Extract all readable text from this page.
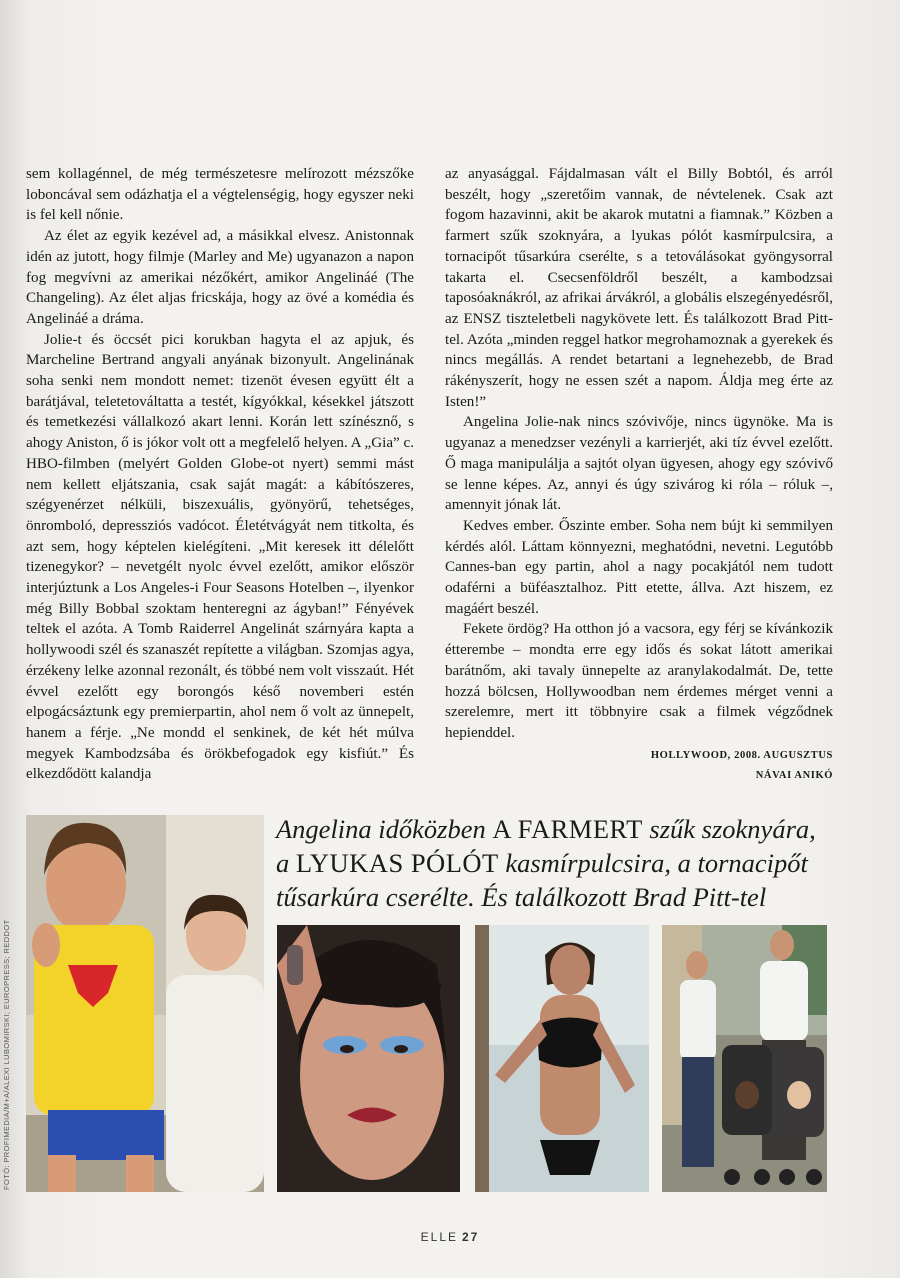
sem kollagénnel, de még természetesre melírozott mézszőke loboncával sem odázhatja el a végtelenségig, hogy egyszer neki is fel kell nőnie.

Az élet az egyik kezével ad, a másikkal elvesz. Anistonnak idén az jutott, hogy filmje (Marley and Me) ugyanazon a napon fog megvívni az amerikai nézőkért, amikor Angelináé (The Changeling). Az élet aljas fricskája, hogy az övé a komédia és Angelináé a dráma.

Jolie-t és öccsét pici korukban hagyta el az apjuk, és Marcheline Bertrand angyali anyának bizonyult. Angelinának soha senki nem mondott nemet: tizenöt évesen együtt élt a barátjával, teletetováltatta a testét, kígyókkal, késekkel játszott és temetkezési vállalkozó akart lenni. Korán lett színésznő, s ahogy Aniston, ő is jókor volt ott a megfelelő helyen. A „Gia” c. HBO-filmben (melyért Golden Globe-ot nyert) semmi mást nem kellett eljátszania, csak saját magát: a kábítószeres, szégyenérzet nélküli, biszexuális, gyönyörű, tehetséges, önromboló, depressziós vadócot. Életétvágyát nem titkolta, és azt sem, hogy képtelen kielégíteni. „Mit keresek itt délelőtt tizenegykor? – nevetgélt nyolc évvel ezelőtt, amikor először interjúztunk a Los Angeles-i Four Seasons Hotelben –, ilyenkor még Billy Bobbal szoktam henteregni az ágyban!” Fényévek teltek el azóta. A Tomb Raiderrel Angelinát szárnyára kapta a hollywoodi szél és szanaszét repítette a világban. Szomjas agya, érzékeny lelke azonnal rezonált, és többé nem volt visszaút. Hét évvel ezelőtt egy borongós késő novemberi estén elpogácsáztunk egy premierpartin, ahol nem ő volt az ünnepelt, hanem a férje. „Ne mondd el senkinek, de két hét múlva megyek Kambodzsába és örökbefogadok egy kisfiút.” És elkezdődött kalandja

az anyasággal. Fájdalmasan vált el Billy Bobtól, és arról beszélt, hogy „szeretőim vannak, de névtelenek. Csak azt fogom hazavinni, akit be akarok mutatni a fiamnak.” Közben a farmert szűk szoknyára, a lyukas pólót kasmírpulcsira, a tornacipőt tűsarkúra cserélte, s a tetoválásokat gyöngysorral takarta el. Csecsenföldről beszélt, a kambodzsai taposóaknákról, az afrikai árvákról, a globális elszegényedésről, az ENSZ tiszteletbeli nagykövete lett. És találkozott Brad Pitt-tel. Azóta „minden reggel hatkor megrohamoznak a gyerekek és nincs megállás. A rendet betartani a legnehezebb, de Brad rákényszerít, hogy ne essen szét a napom. Áldja meg érte az Isten!”

Angelina Jolie-nak nincs szóvivője, nincs ügynöke. Ma is ugyanaz a menedzser vezényli a karrierjét, aki tíz évvel ezelőtt. Ő maga manipulálja a sajtót olyan ügyesen, ahogy egy szóvivő se lenne képes. Az, annyi és úgy szivárog ki róla – róluk –, amennyit jónak lát.

Kedves ember. Őszinte ember. Soha nem bújt ki semmilyen kérdés alól. Láttam könnyezni, meghatódni, nevetni. Legutóbb Cannes-ban egy partin, ahol a nagy pocakjától nem tudott odaférni a büféasztalhoz. Pitt etette, állva. Azt hiszem, ez magáért beszél.

Fekete ördög? Ha otthon jó a vacsora, egy férj se kívánkozik étterembe – mondta erre egy idős és sokat látott amerikai barátnőm, aki tavaly ünnepelte az aranylakodalmát. De, tette hozzá bölcsen, Hollywoodban nem érdemes mérget venni a szerelemre, mert itt többnyire csak a filmek végződnek hepienddel.

HOLLYWOOD, 2008. AUGUSZTUS
NÁVAI ANIKÓ
Angelina időközben A FARMERT szűk szoknyára,
a LYUKAS PÓLÓT kasmírpulcsira, a tornacipőt
tűsarkúra cserélte. És találkozott Brad Pitt-tel
FOTÓ: PROFIMEDIA/M+A/ALEXI LUBOMIRSKI; EUROPRESS; REDDOT
ELLE 27
